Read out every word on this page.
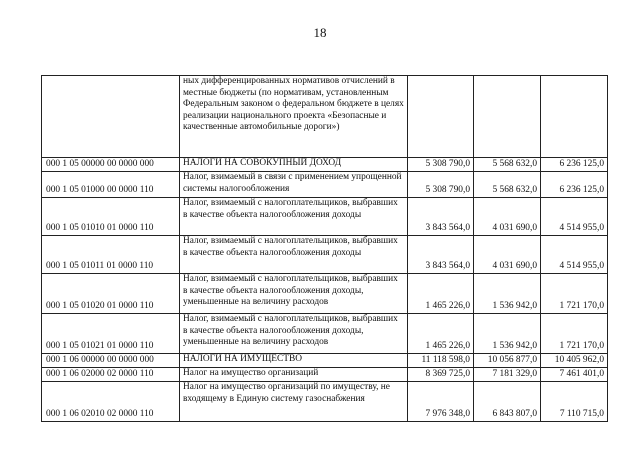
18
	ных дифференцированных нормативов отчислений в местные бюджеты (по нормативам, установленным Федеральным законом о федеральном бюджете в целях реализации национального проекта «Безопасные и качественные автомобильные дороги»)			
000 1 05 00000 00 0000 000	НАЛОГИ НА СОВОКУПНЫЙ ДОХОД	5 308 790,0	5 568 632,0	6 236 125,0
000 1 05 01000 00 0000 110	Налог, взимаемый в связи с применением упрощенной системы налогообложения	5 308 790,0	5 568 632,0	6 236 125,0
000 1 05 01010 01 0000 110	Налог, взимаемый с налогоплательщиков, выбравших в качестве объекта налогообложения доходы	3 843 564,0	4 031 690,0	4 514 955,0
000 1 05 01011 01 0000 110	Налог, взимаемый с налогоплательщиков, выбравших в качестве объекта налогообложения доходы	3 843 564,0	4 031 690,0	4 514 955,0
000 1 05 01020 01 0000 110	Налог, взимаемый с налогоплательщиков, выбравших в качестве объекта налогообложения доходы, уменьшенные на величину расходов	1 465 226,0	1 536 942,0	1 721 170,0
000 1 05 01021 01 0000 110	Налог, взимаемый с налогоплательщиков, выбравших в качестве объекта налогообложения доходы, уменьшенные на величину расходов	1 465 226,0	1 536 942,0	1 721 170,0
000 1 06 00000 00 0000 000	НАЛОГИ НА ИМУЩЕСТВО	11 118 598,0	10 056 877,0	10 405 962,0
000 1 06 02000 02 0000 110	Налог на имущество организаций	8 369 725,0	7 181 329,0	7 461 401,0
000 1 06 02010 02 0000 110	Налог на имущество организаций по имуществу, не входящему в Единую систему газоснабжения	7 976 348,0	6 843 807,0	7 110 715,0
